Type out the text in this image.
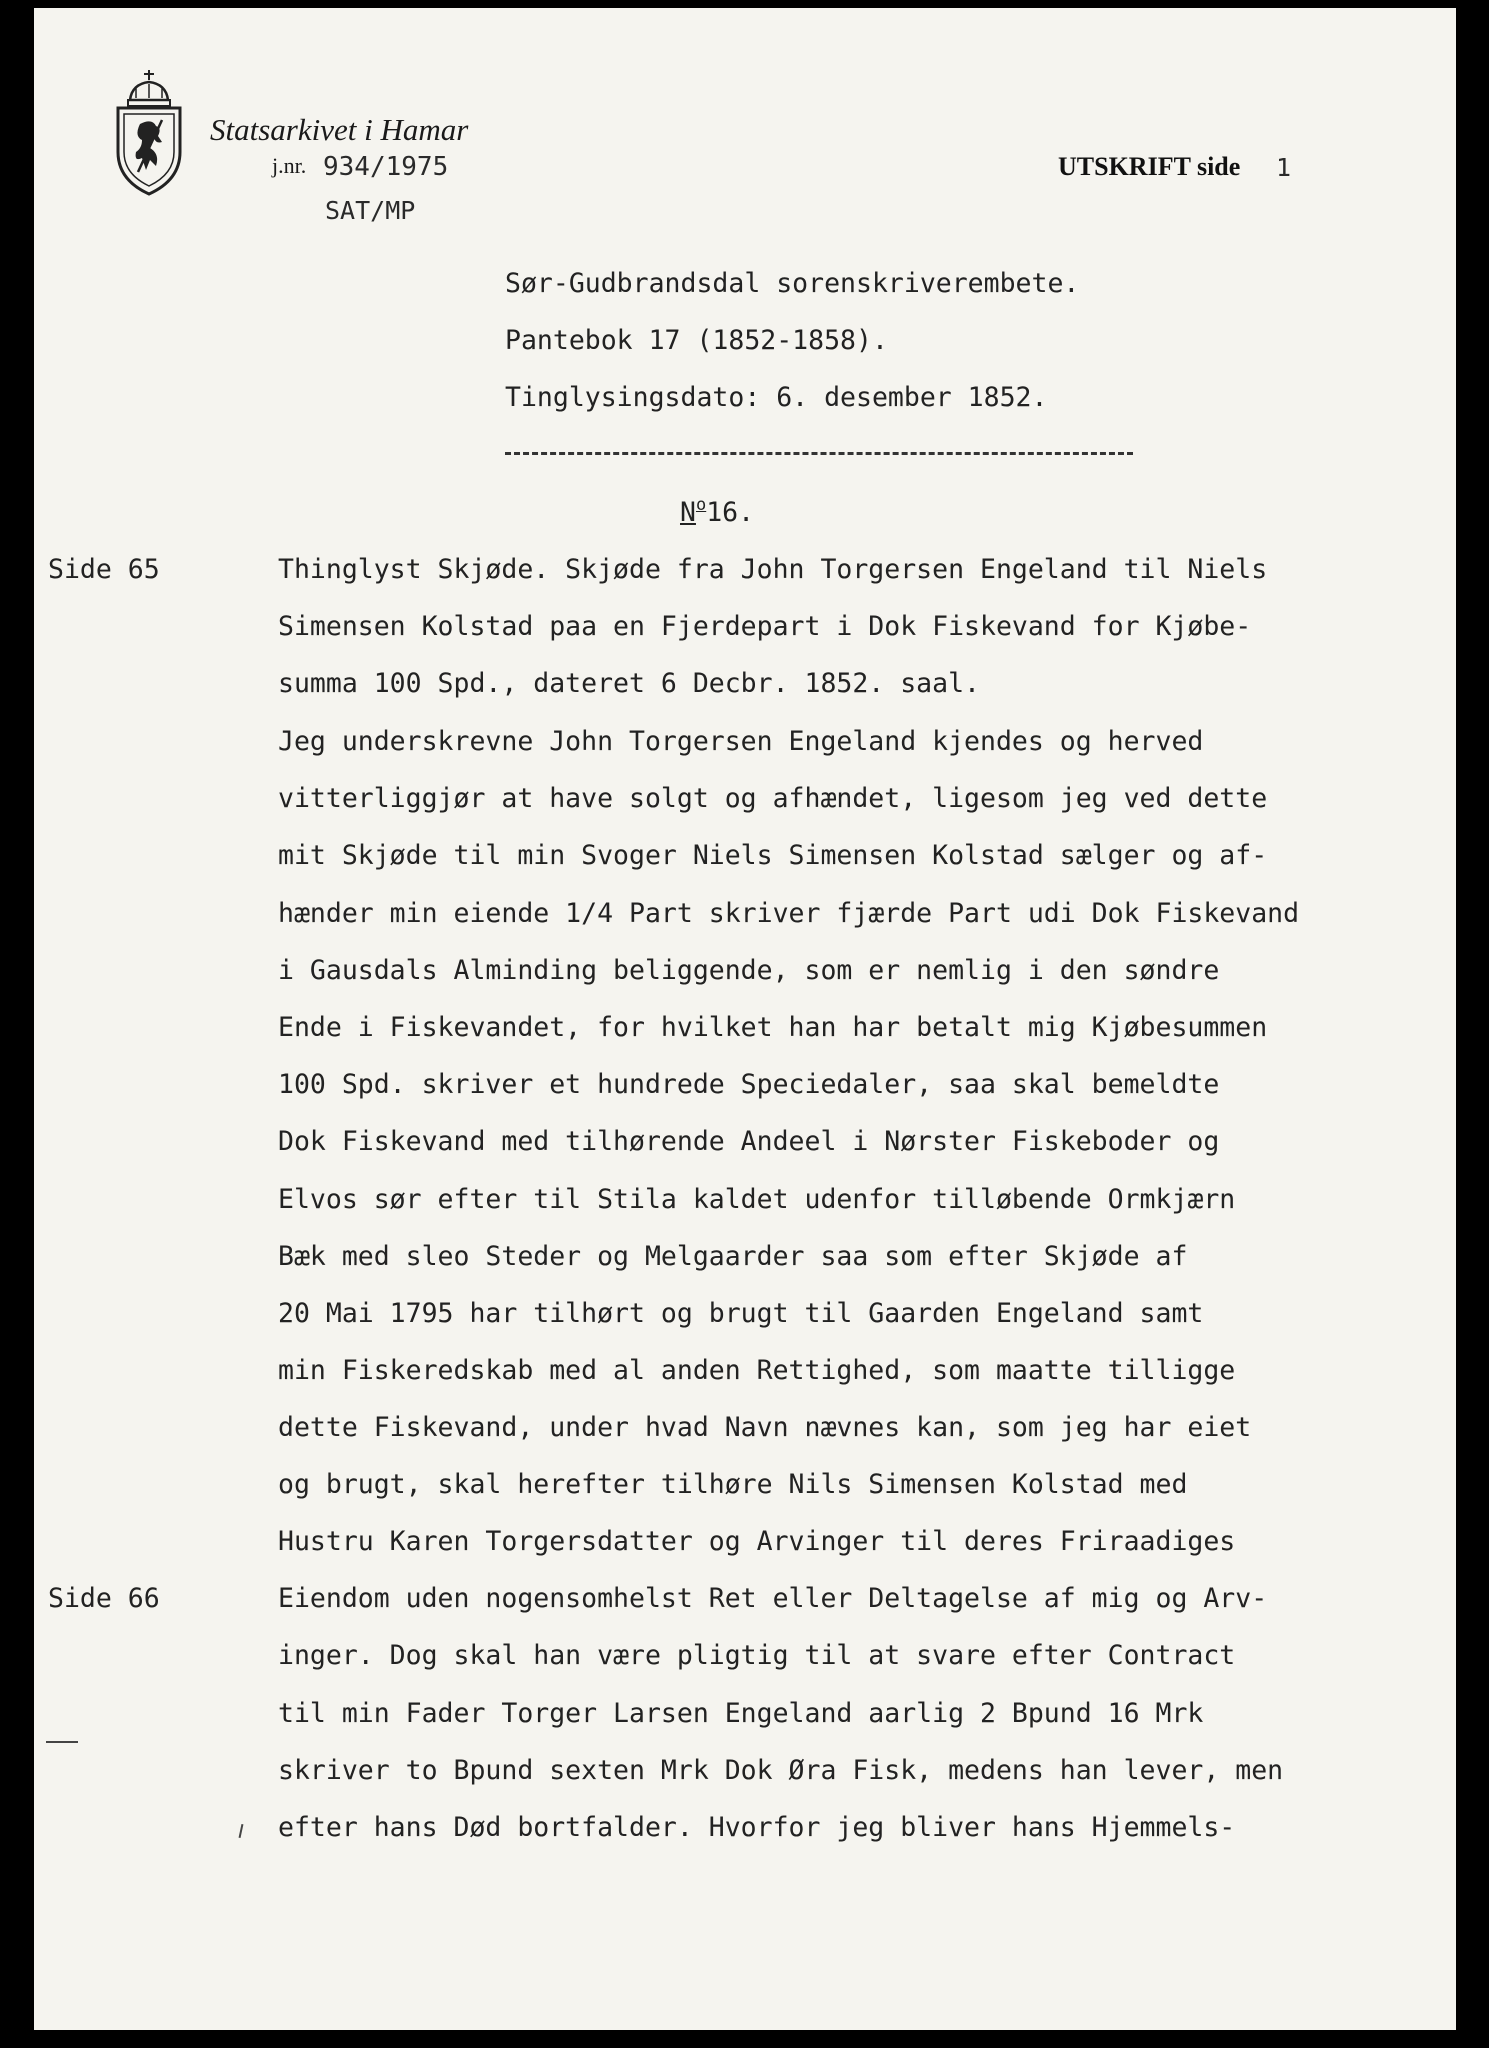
Statsarkivet i Hamar
j.nr. 934/1975
SAT/MP
UTSKRIFT side 1
Sør-Gudbrandsdal sorenskriverembete.
Pantebok 17 (1852-1858).
Tinglysingsdato: 6. desember 1852.
No16.
Side 65
Side 66
Thinglyst Skjøde. Skjøde fra John Torgersen Engeland til Niels
Simensen Kolstad paa en Fjerdepart i Dok Fiskevand for Kjøbe-
summa 100 Spd., dateret 6 Decbr. 1852. saal.
Jeg underskrevne John Torgersen Engeland kjendes og herved
vitterliggjør at have solgt og afhændet, ligesom jeg ved dette
mit Skjøde til min Svoger Niels Simensen Kolstad sælger og af-
hænder min eiende 1/4 Part skriver fjærde Part udi Dok Fiskevand
i Gausdals Alminding beliggende, som er nemlig i den søndre
Ende i Fiskevandet, for hvilket han har betalt mig Kjøbesummen
100 Spd. skriver et hundrede Speciedaler, saa skal bemeldte
Dok Fiskevand med tilhørende Andeel i Nørster Fiskeboder og
Elvos sør efter til Stila kaldet udenfor tilløbende Ormkjærn
Bæk med sleo Steder og Melgaarder saa som efter Skjøde af
20 Mai 1795 har tilhørt og brugt til Gaarden Engeland samt
min Fiskeredskab med al anden Rettighed, som maatte tilligge
dette Fiskevand, under hvad Navn nævnes kan, som jeg har eiet
og brugt, skal herefter tilhøre Nils Simensen Kolstad med
Hustru Karen Torgersdatter og Arvinger til deres Friraadiges
Eiendom uden nogensomhelst Ret eller Deltagelse af mig og Arv-
inger. Dog skal han være pligtig til at svare efter Contract
til min Fader Torger Larsen Engeland aarlig 2 Bpund 16 Mrk
skriver to Bpund sexten Mrk Dok Øra Fisk, medens han lever, men
efter hans Død bortfalder. Hvorfor jeg bliver hans Hjemmels-
